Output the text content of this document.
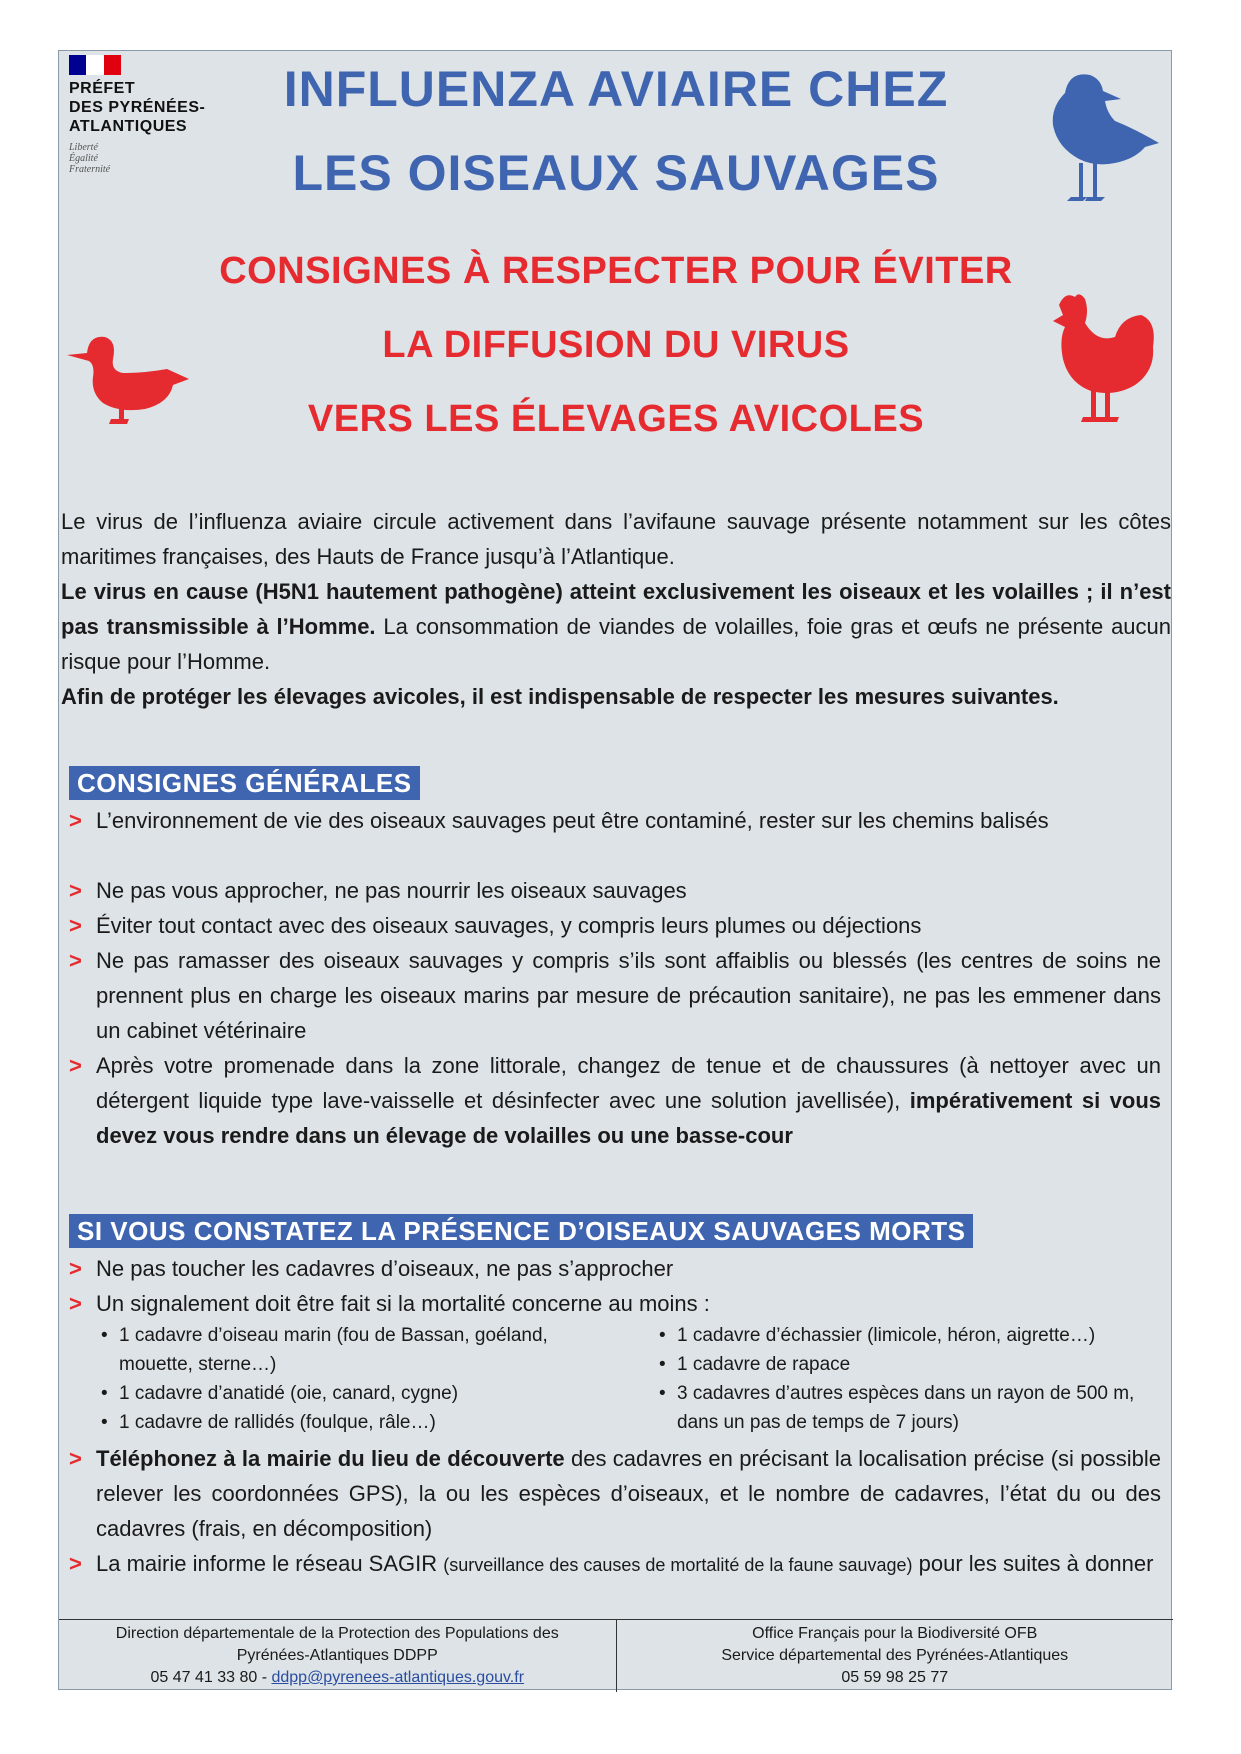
PRÉFET
DES PYRÉNÉES-
ATLANTIQUES
Liberté
Égalité
Fraternité
INFLUENZA AVIAIRE CHEZ
LES OISEAUX SAUVAGES
CONSIGNES À RESPECTER POUR ÉVITER
LA DIFFUSION DU VIRUS
VERS LES ÉLEVAGES AVICOLES
Le virus de l’influenza aviaire circule activement dans l’avifaune sauvage présente notamment sur les côtes maritimes françaises, des Hauts de France jusqu’à l’Atlantique.
Le virus en cause (H5N1 hautement pathogène) atteint exclusivement les oiseaux et les volailles ; il n’est pas transmissible à l’Homme. La consommation de viandes de volailles, foie gras et œufs ne présente aucun risque pour l’Homme.
Afin de protéger les élevages avicoles, il est indispensable de respecter les mesures suivantes.
CONSIGNES GÉNÉRALES
> L’environnement de vie des oiseaux sauvages peut être contaminé, rester sur les chemins balisés
> Ne pas vous approcher, ne pas nourrir les oiseaux sauvages
> Éviter tout contact avec des oiseaux sauvages, y compris leurs plumes ou déjections
> Ne pas ramasser des oiseaux sauvages y compris s’ils sont affaiblis ou blessés (les centres de soins ne prennent plus en charge les oiseaux marins par mesure de précaution sanitaire), ne pas les emmener dans un cabinet vétérinaire
> Après votre promenade dans la zone littorale, changez de tenue et de chaussures (à nettoyer avec un détergent liquide type lave-vaisselle et désinfecter avec une solution javellisée), impérativement si vous devez vous rendre dans un élevage de volailles ou une basse-cour
SI VOUS CONSTATEZ LA PRÉSENCE D’OISEAUX SAUVAGES MORTS
> Ne pas toucher les cadavres d’oiseaux, ne pas s’approcher
> Un signalement doit être fait si la mortalité concerne au moins :
• 1 cadavre d’oiseau marin (fou de Bassan, goéland, mouette, sterne…)
• 1 cadavre d’anatidé (oie, canard, cygne)
• 1 cadavre de rallidés (foulque, râle…)
• 1 cadavre d’échassier (limicole, héron, aigrette…)
• 1 cadavre de rapace
• 3 cadavres d’autres espèces dans un rayon de 500 m, dans un pas de temps de 7 jours)
> Téléphonez à la mairie du lieu de découverte des cadavres en précisant la localisation précise (si possible relever les coordonnées GPS), la ou les espèces d’oiseaux, et le nombre de cadavres, l’état du ou des cadavres (frais, en décomposition)
> La mairie informe le réseau SAGIR (surveillance des causes de mortalité de la faune sauvage) pour les suites à donner
Direction départementale de la Protection des Populations des
Pyrénées-Atlantiques DDPP
05 47 41 33 80 - ddpp@pyrenees-atlantiques.gouv.fr
Office Français pour la Biodiversité OFB
Service départemental des Pyrénées-Atlantiques
05 59 98 25 77
